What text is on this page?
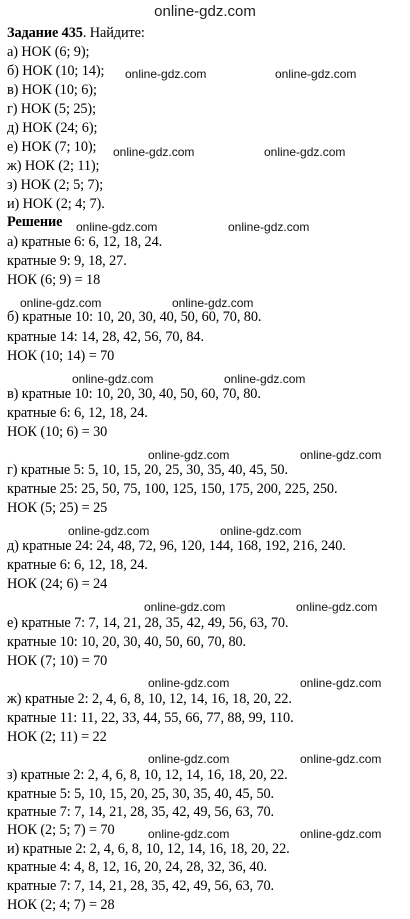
online-gdz.com
Задание 435. Найдите:
а) НОК (6; 9);
б) НОК (10; 14);
в) НОК (10; 6);
г) НОК (5; 25);
д) НОК (24; 6);
е) НОК (7; 10);
ж) НОК (2; 11);
з) НОК (2; 5; 7);
и) НОК (2; 4; 7).
Решение
а) кратные 6: 6, 12, 18, 24.
кратные 9: 9, 18, 27.
НОК (6; 9) = 18
б) кратные 10: 10, 20, 30, 40, 50, 60, 70, 80.
кратные 14: 14, 28, 42, 56, 70, 84.
НОК (10; 14) = 70
в) кратные 10: 10, 20, 30, 40, 50, 60, 70, 80.
кратные 6: 6, 12, 18, 24.
НОК (10; 6) = 30
г) кратные 5: 5, 10, 15, 20, 25, 30, 35, 40, 45, 50.
кратные 25: 25, 50, 75, 100, 125, 150, 175, 200, 225, 250.
НОК (5; 25) = 25
д) кратные 24: 24, 48, 72, 96, 120, 144, 168, 192, 216, 240.
кратные 6: 6, 12, 18, 24.
НОК (24; 6) = 24
е) кратные 7: 7, 14, 21, 28, 35, 42, 49, 56, 63, 70.
кратные 10: 10, 20, 30, 40, 50, 60, 70, 80.
НОК (7; 10) = 70
ж) кратные 2: 2, 4, 6, 8, 10, 12, 14, 16, 18, 20, 22.
кратные 11: 11, 22, 33, 44, 55, 66, 77, 88, 99, 110.
НОК (2; 11) = 22
з) кратные 2: 2, 4, 6, 8, 10, 12, 14, 16, 18, 20, 22.
кратные 5: 5, 10, 15, 20, 25, 30, 35, 40, 45, 50.
кратные 7: 7, 14, 21, 28, 35, 42, 49, 56, 63, 70.
НОК (2; 5; 7) = 70
и) кратные 2: 2, 4, 6, 8, 10, 12, 14, 16, 18, 20, 22.
кратные 4: 4, 8, 12, 16, 20, 24, 28, 32, 36, 40.
кратные 7: 7, 14, 21, 28, 35, 42, 49, 56, 63, 70.
НОК (2; 4; 7) = 28
online-gdz.com	online-gdz.com
online-gdz.com	online-gdz.com
online-gdz.com	online-gdz.com
online-gdz.com	online-gdz.com
online-gdz.com	online-gdz.com
online-gdz.com	online-gdz.com
online-gdz.com	online-gdz.com
online-gdz.com	online-gdz.com
online-gdz.com	online-gdz.com
online-gdz.com	online-gdz.com
online-gdz.com	online-gdz.com
